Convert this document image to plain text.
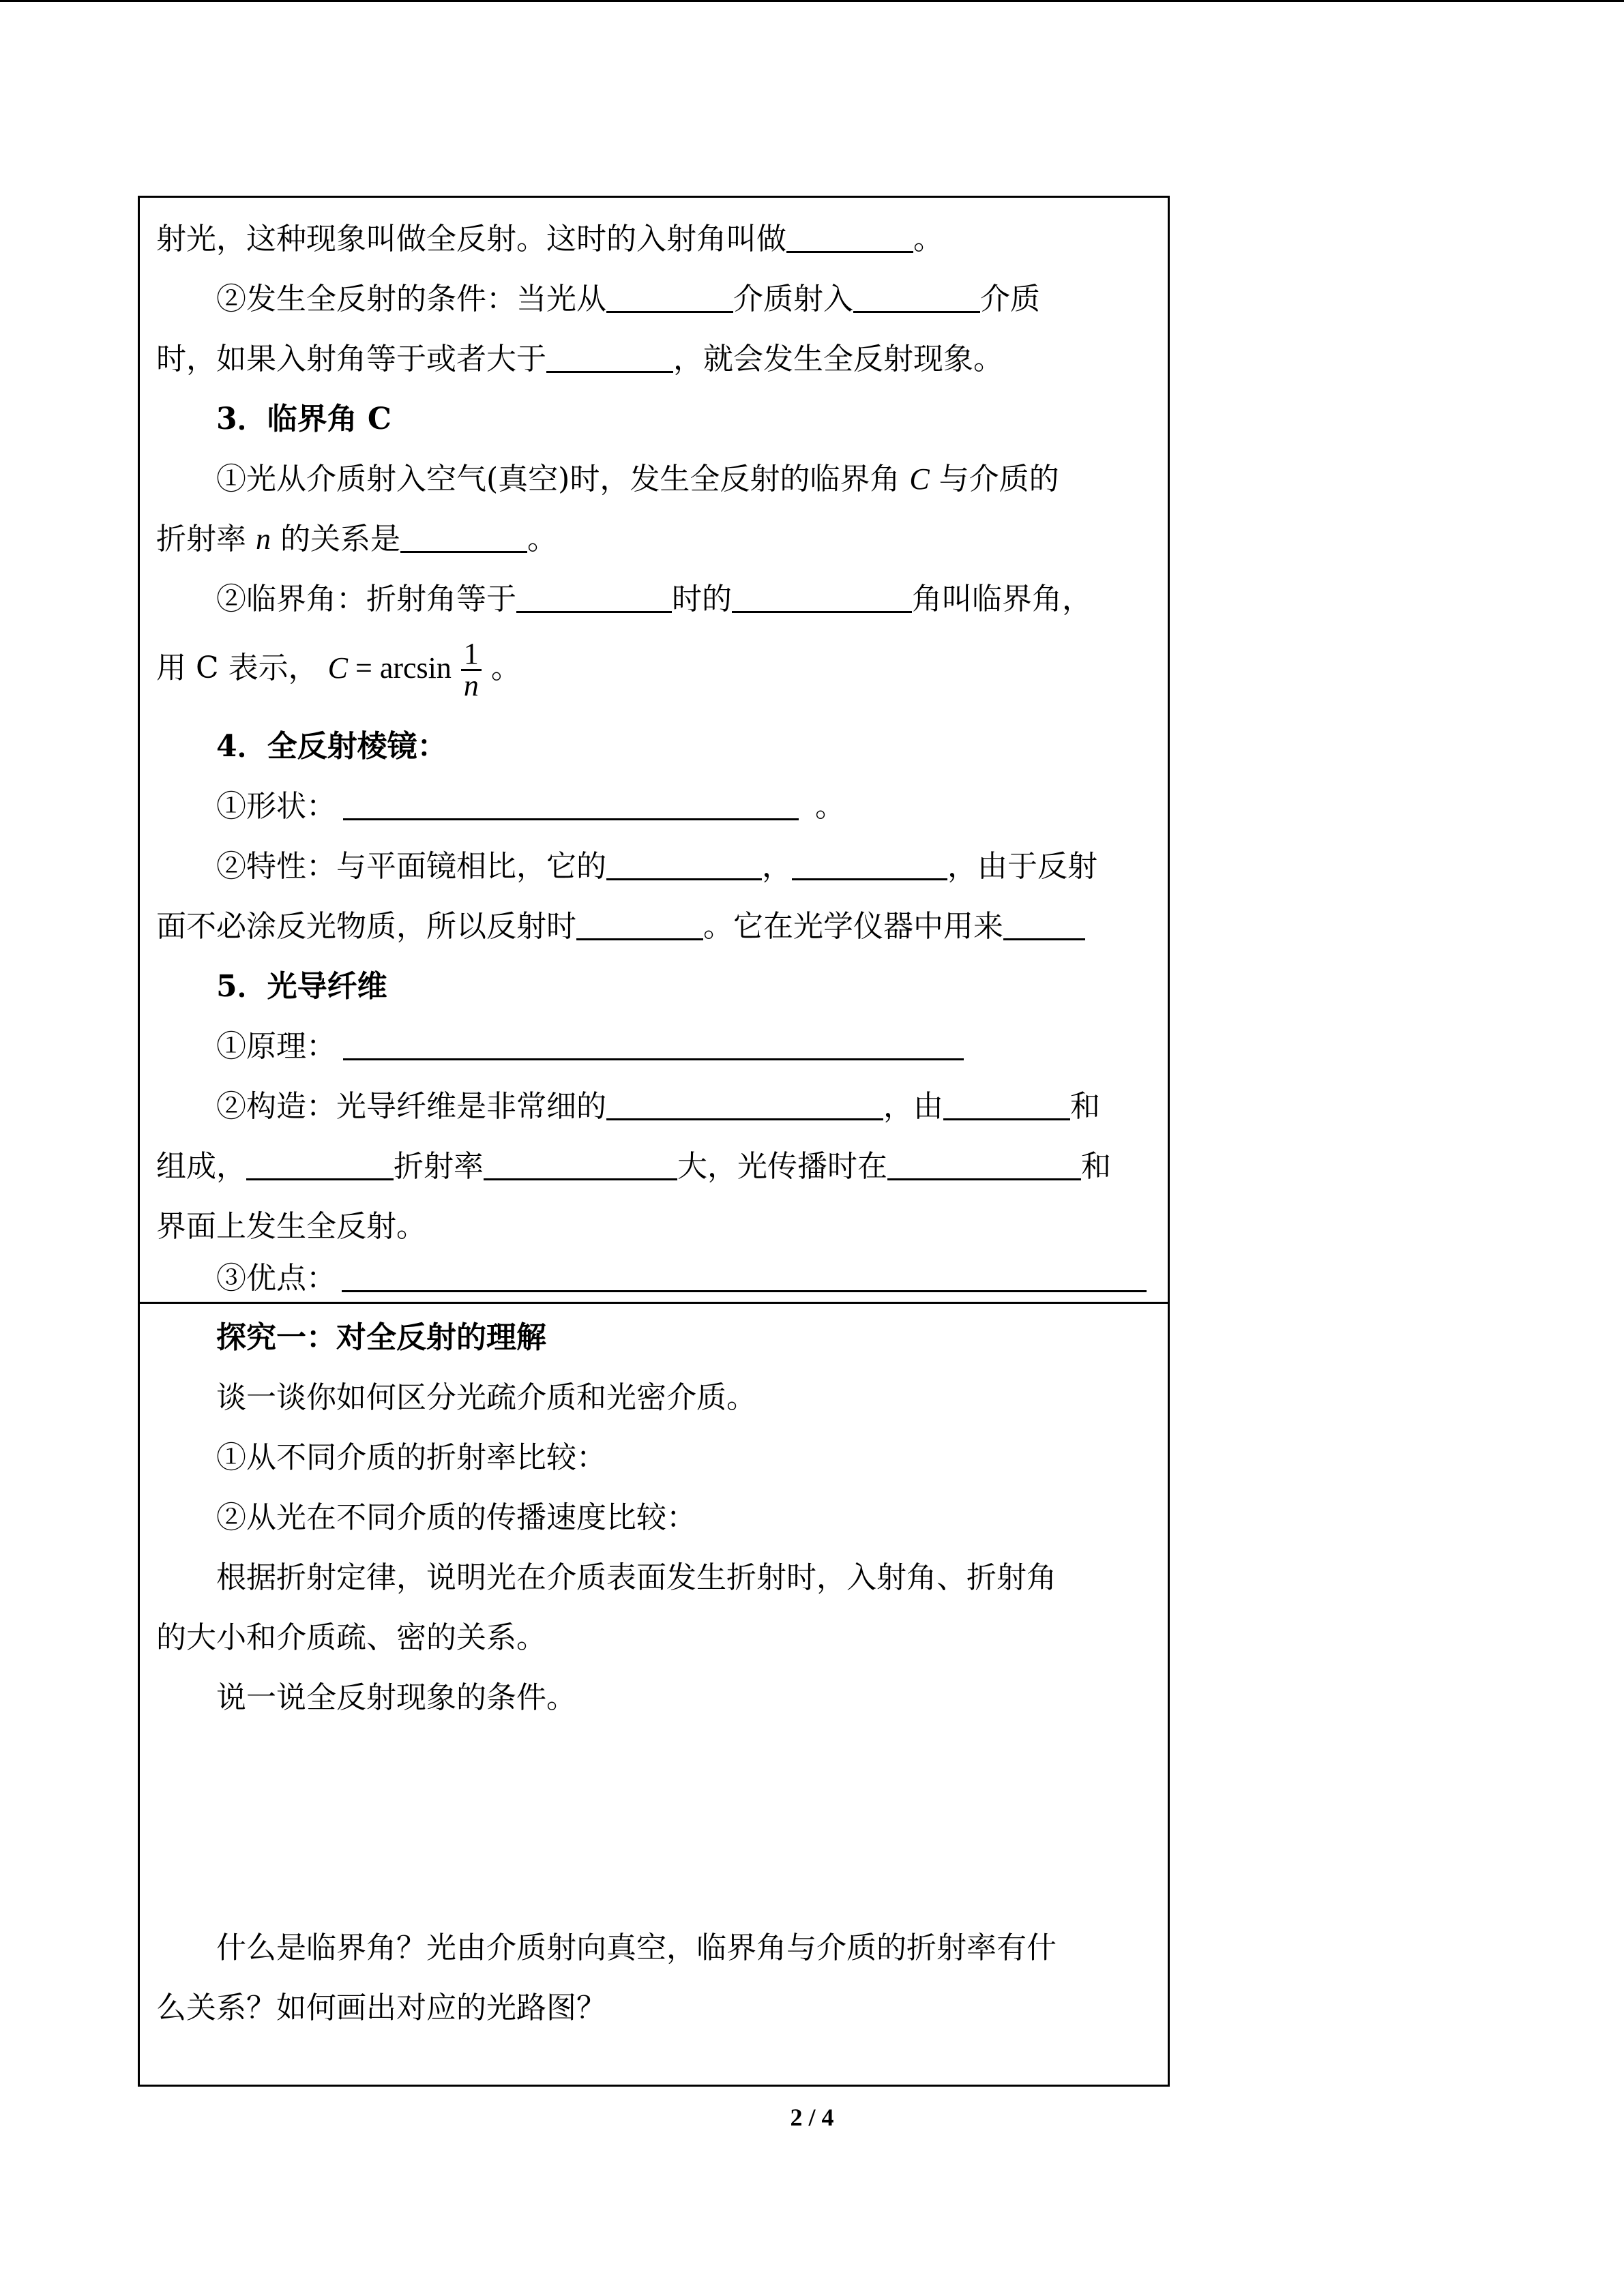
射光，这种现象叫做全反射。这时的入射角叫做	。
②发生全反射的条件：当光从	介质射入	介质
时，如果入射角等于或者大于	，就会发生全反射现象。
3．临界角 C
①光从介质射入空气(真空)时，发生全反射的临界角 C 与介质的
折射率 n 的关系是	。
②临界角：折射角等于	时的	角叫临界角，
用 C 表示， $C = \arcsin \frac{1}{n}$ 。
4．全反射棱镜：
①形状：	。
②特性：与平面镜相比，它的	，	，由于反射
面不必涂反光物质，所以反射时	。它在光学仪器中用来
5．光导纤维
①原理：
②构造：光导纤维是非常细的	，由	和
组成，	折射率	大，光传播时在	和
界面上发生全反射。
③优点：
探究一：对全反射的理解
谈一谈你如何区分光疏介质和光密介质。
①从不同介质的折射率比较：
②从光在不同介质的传播速度比较：
根据折射定律，说明光在介质表面发生折射时，入射角、折射角
的大小和介质疏、密的关系。
说一说全反射现象的条件。
什么是临界角？光由介质射向真空，临界角与介质的折射率有什
么关系？如何画出对应的光路图？
2 / 4
